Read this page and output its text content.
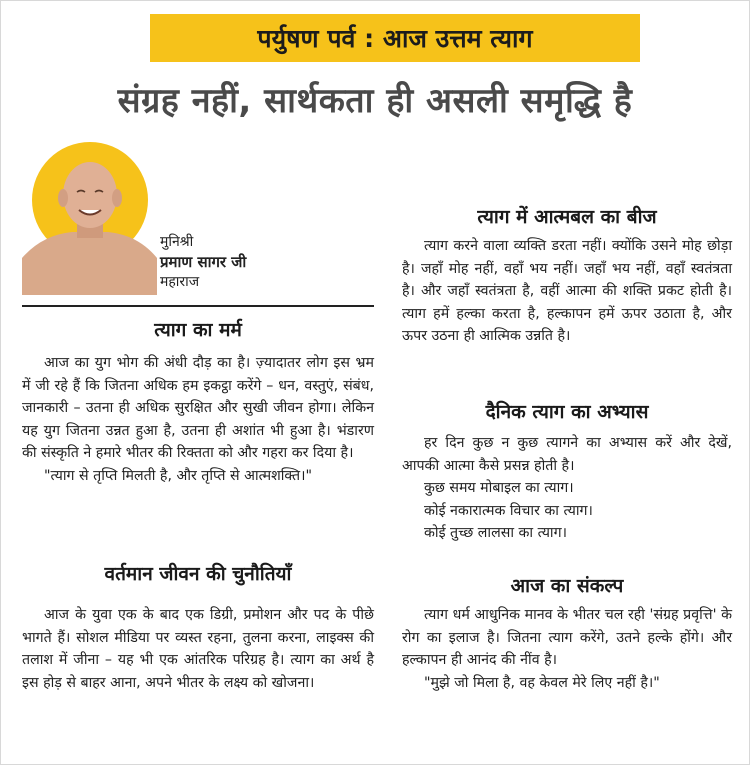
पर्युषण पर्व : आज उत्तम त्याग
संग्रह नहीं, सार्थकता ही असली समृद्धि है
मुनिश्री
प्रमाण सागर जी
महाराज
त्याग का मर्म

आज का युग भोग की अंधी दौड़ का है। ज़्यादातर लोग इस भ्रम में जी रहे हैं कि जितना अधिक हम इकट्ठा करेंगे – धन, वस्तुएं, संबंध, जानकारी – उतना ही अधिक सुरक्षित और सुखी जीवन होगा। लेकिन यह युग जितना उन्नत हुआ है, उतना ही अशांत भी हुआ है। भंडारण की संस्कृति ने हमारे भीतर की रिक्तता को और गहरा कर दिया है।

"त्याग से तृप्ति मिलती है, और तृप्ति से आत्मशक्ति।"

वर्तमान जीवन की चुनौतियाँ

आज के युवा एक के बाद एक डिग्री, प्रमोशन और पद के पीछे भागते हैं। सोशल मीडिया पर व्यस्त रहना, तुलना करना, लाइक्स की तलाश में जीना – यह भी एक आंतरिक परिग्रह है। त्याग का अर्थ है इस होड़ से बाहर आना, अपने भीतर के लक्ष्य को खोजना।

त्याग में आत्मबल का बीज

त्याग करने वाला व्यक्ति डरता नहीं। क्योंकि उसने मोह छोड़ा है। जहाँ मोह नहीं, वहाँ भय नहीं। जहाँ भय नहीं, वहाँ स्वतंत्रता है। और जहाँ स्वतंत्रता है, वहीं आत्मा की शक्ति प्रकट होती है। त्याग हमें हल्का करता है, हल्कापन हमें ऊपर उठाता है, और ऊपर उठना ही आत्मिक उन्नति है।

दैनिक त्याग का अभ्यास

हर दिन कुछ न कुछ त्यागने का अभ्यास करें और देखें, आपकी आत्मा कैसे प्रसन्न होती है।

कुछ समय मोबाइल का त्याग।

कोई नकारात्मक विचार का त्याग।

कोई तुच्छ लालसा का त्याग।

आज का संकल्प

त्याग धर्म आधुनिक मानव के भीतर चल रही 'संग्रह प्रवृत्ति' के रोग का इलाज है। जितना त्याग करेंगे, उतने हल्के होंगे। और हल्कापन ही आनंद की नींव है।

"मुझे जो मिला है, वह केवल मेरे लिए नहीं है।"
